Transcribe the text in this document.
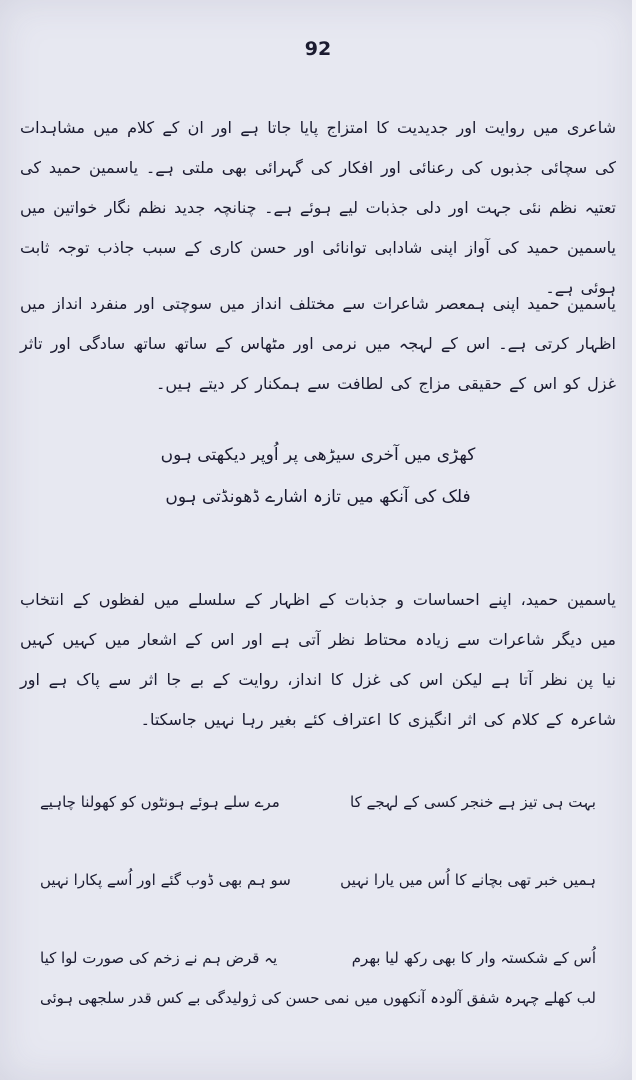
92

شاعری میں روایت اور جدیدیت کا امتزاج پایا جاتا ہے اور ان کے کلام میں مشاہدات کی سچائی جذبوں کی رعنائی اور افکار کی گہرائی بھی ملتی ہے۔ یاسمین حمید کی تعتیہ نظم نئی جہت اور دلی جذبات لیے ہوئے ہے۔ چنانچہ جدید نظم نگار خواتین میں یاسمین حمید کی آواز اپنی شادابی توانائی اور حسن کاری کے سبب جاذب توجہ ثابت ہوئی ہے۔

یاسمین حمید اپنی ہمعصر شاعرات سے مختلف انداز میں سوچتی اور منفرد انداز میں اظہار کرتی ہے۔ اس کے لہجہ میں نرمی اور مٹھاس کے ساتھ ساتھ سادگی اور تاثر غزل کو اس کے حقیقی مزاج کی لطافت سے ہمکنار کر دیتے ہیں۔

کھڑی میں آخری سیڑھی پر اُوپر دیکھتی ہوں
فلک کی آنکھ میں تازہ اشارے ڈھونڈتی ہوں

یاسمین حمید، اپنے احساسات و جذبات کے اظہار کے سلسلے میں لفظوں کے انتخاب میں دیگر شاعرات سے زیادہ محتاط نظر آتی ہے اور اس کے اشعار میں کہیں کہیں نیا پن نظر آتا ہے لیکن اس کی غزل کا انداز، روایت کے بے جا اثر سے پاک ہے اور شاعرہ کے کلام کی اثر انگیزی کا اعتراف کئے بغیر رہا نہیں جاسکتا۔

بہت ہی تیز ہے خنجر کسی کے لہجے کا
مرے سلے ہوئے ہونٹوں کو کھولنا چاہیے
ہمیں خبر تھی بچانے کا اُس میں یارا نہیں
سو ہم بھی ڈوب گئے اور اُسے پکارا نہیں
اُس کے شکستہ وار کا بھی رکھ لیا بھرم
یہ قرض ہم نے زخم کی صورت لوا کیا
لب کھلے چہرہ شفق آلودہ آنکھوں میں نمی
حسن کی ژولیدگی بے کس قدر سلجھی ہوئی
